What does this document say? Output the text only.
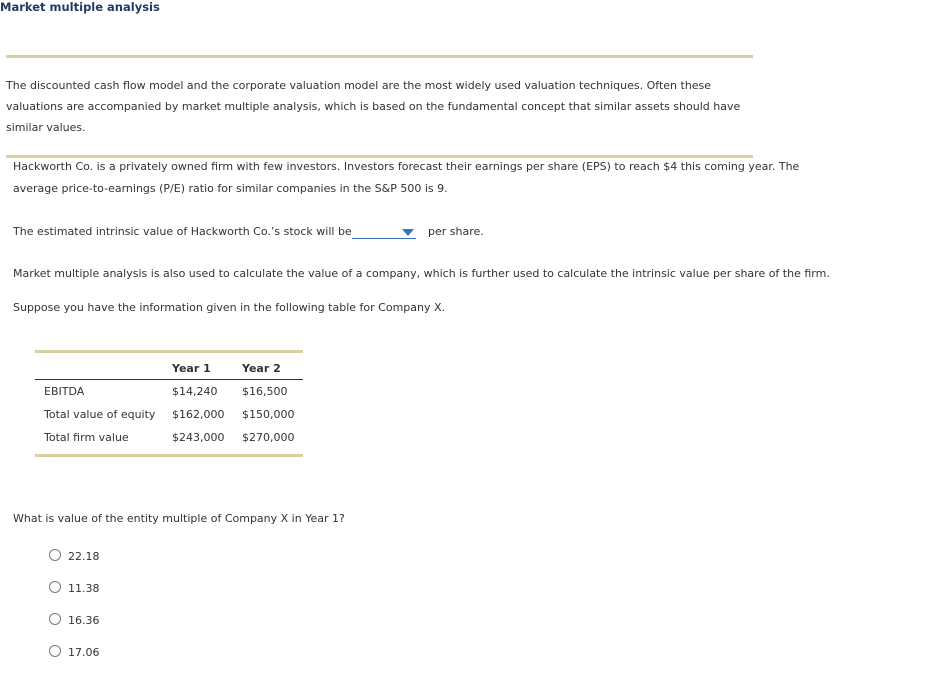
Market multiple analysis

The discounted cash flow model and the corporate valuation model are the most widely used valuation techniques. Often these

valuations are accompanied by market multiple analysis, which is based on the fundamental concept that similar assets should have

similar values.

Hackworth Co. is a privately owned firm with few investors. Investors forecast their earnings per share (EPS) to reach $4 this coming year. The
average price-to-earnings (P/E) ratio for similar companies in the S&P 500 is 9.
The estimated intrinsic value of Hackworth Co.’s stock will be	per share.
Market multiple analysis is also used to calculate the value of a company, which is further used to calculate the intrinsic value per share of the firm.
Suppose you have the information given in the following table for Company X.
	Year 1	Year 2
EBITDA	$14,240	$16,500
Total value of equity	$162,000	$150,000
Total firm value	$243,000	$270,000
What is value of the entity multiple of Company X in Year 1?
22.18
11.38
16.36
17.06
